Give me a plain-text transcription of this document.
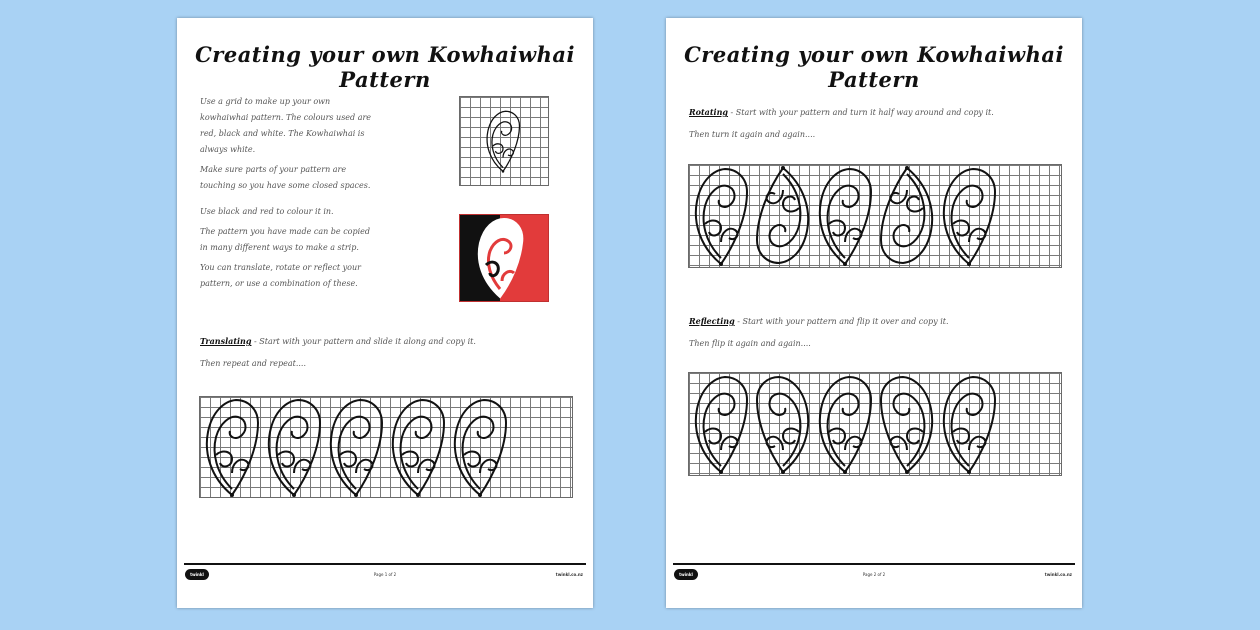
Creating your own Kowhaiwhai Pattern
Use a grid to make up your own
kowhaiwhai pattern. The colours used are
red, black and white. The Kowhaiwhai is
always white.
Make sure parts of your pattern are
touching so you have some closed spaces.
Use black and red to colour it in.
The pattern you have made can be copied
in many different ways to make a strip.
You can translate, rotate or reflect your
pattern, or use a combination of these.
Translating - Start with your pattern and slide it along and copy it.
Then repeat and repeat....
twinkl	Page 1 of 2	twinkl.co.nz
Creating your own Kowhaiwhai Pattern
Rotating - Start with your pattern and turn it half way around and copy it.
Then turn it again and again....
Reflecting - Start with your pattern and flip it over and copy it.
Then flip it again and again....
twinkl	Page 2 of 2	twinkl.co.nz
